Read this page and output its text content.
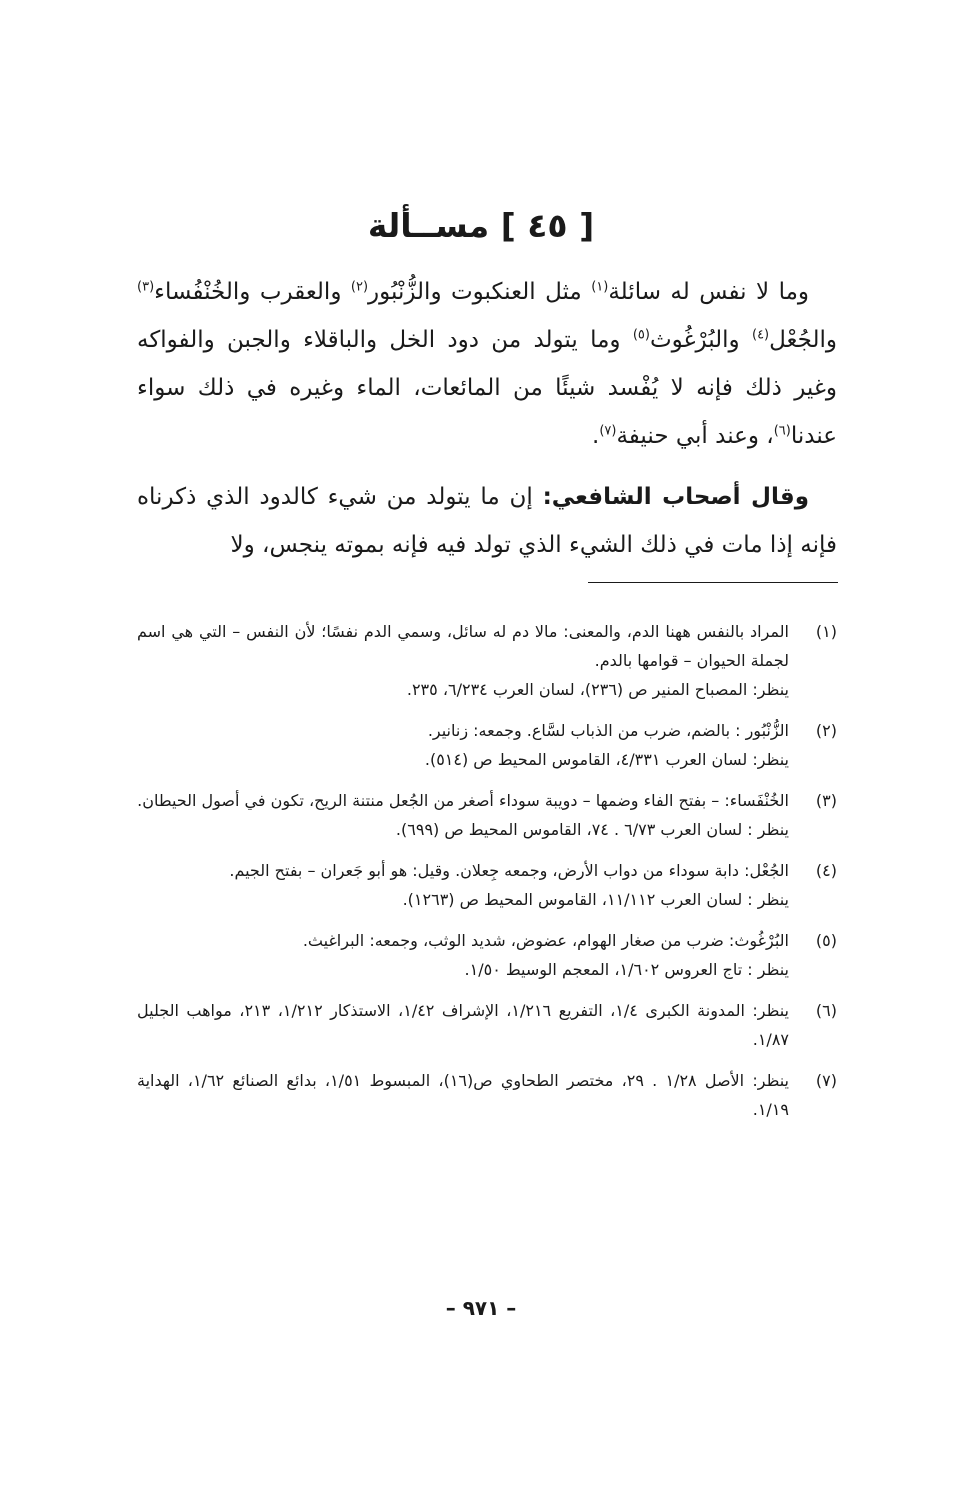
[ ٤٥ ] مســألة

وما لا نفس له سائلة$^{(١)}$ مثل العنكبوت والزُّنْبُور$^{(٢)}$ والعقرب والخُنْفُساء$^{(٣)}$ والجُعْل$^{(٤)}$ والبُرْغُوث$^{(٥)}$ وما يتولد من دود الخل والباقلاء والجبن والفواكه وغير ذلك فإنه لا يُفْسد شيئًا من المائعات، الماء وغيره في ذلك سواء عندنا$^{(٦)}$، وعند أبي حنيفة$^{(٧)}$.

وقال أصحاب الشافعي: إن ما يتولد من شيء كالدود الذي ذكرناه فإنه إذا مات في ذلك الشيء الذي تولد فيه فإنه بموته ينجس، ولا

(١)
المراد بالنفس ههنا الدم، والمعنى: مالا دم له سائل، وسمي الدم نفسًا؛ لأن النفس – التي هي اسم لجملة الحيوان – قوامها بالدم.
ينظر: المصباح المنير ص (٢٣٦)، لسان العرب ٦/٢٣٤، ٢٣٥.
(٢)
الزُّنْبُور : بالضم، ضرب من الذباب لسَّاع. وجمعه: زنانير.
ينظر: لسان العرب ٤/٣٣١، القاموس المحيط ص (٥١٤).
(٣)
الخُنْفَساء: – بفتح الفاء وضمها – دويبة سوداء أصغر من الجُعل منتنة الريح، تكون في أصول الحيطان.
ينظر : لسان العرب ٦/٧٣ . ٧٤، القاموس المحيط ص (٦٩٩).
(٤)
الجُعْل: دابة سوداء من دواب الأرض، وجمعه جِعلان. وقيل: هو أبو جَعران – بفتح الجيم.
ينظر : لسان العرب ١١/١١٢، القاموس المحيط ص (١٢٦٣).
(٥)
البُرْغُوث: ضرب من صغار الهوام، عضوض، شديد الوثب، وجمعه: البراغيث.
ينظر : تاج العروس ١/٦٠٢، المعجم الوسيط ١/٥٠.
(٦)
ينظر: المدونة الكبرى ١/٤، التفريع ١/٢١٦، الإشراف ١/٤٢، الاستذكار ١/٢١٢، ٢١٣، مواهب الجليل ١/٨٧.
(٧)
ينظر: الأصل ١/٢٨ . ٢٩، مختصر الطحاوي ص(١٦)، المبسوط ١/٥١، بدائع الصنائع ١/٦٢، الهداية ١/١٩.
– ٩٧١ –
